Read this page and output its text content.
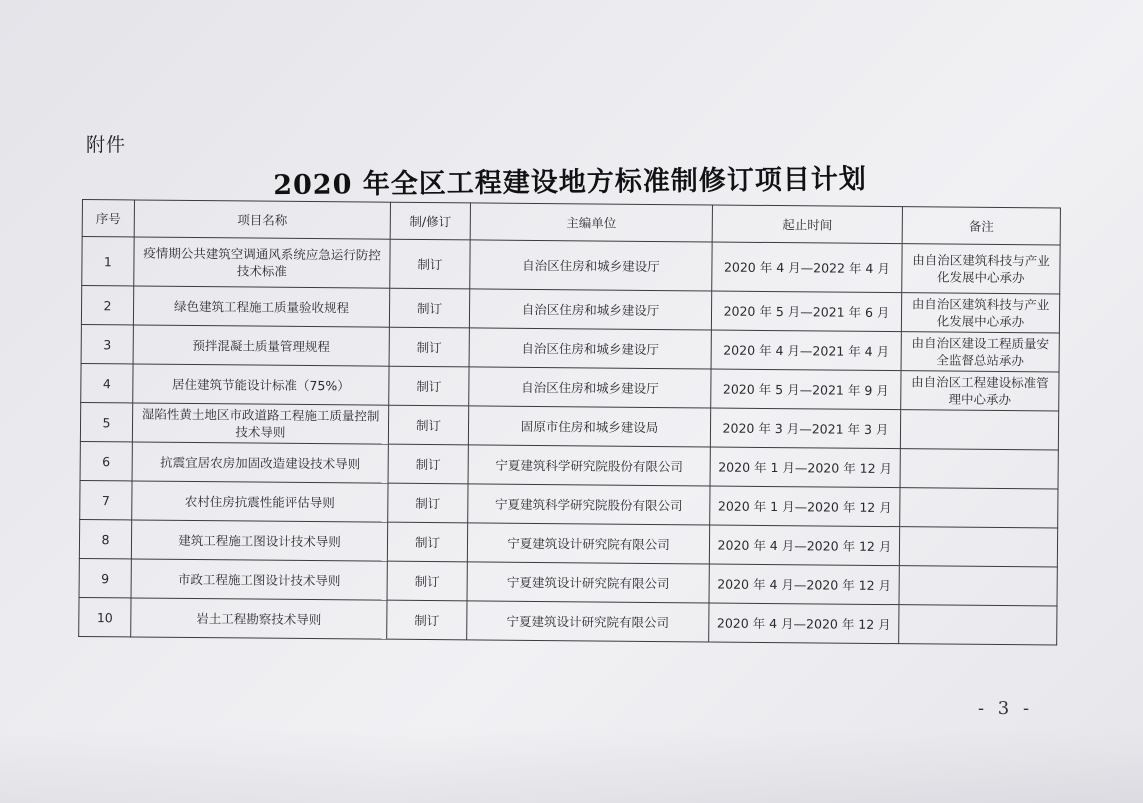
附件
2020 年全区工程建设地方标准制修订项目计划
序号	项目名称	制/修订	主编单位	起止时间	备注
1	疫情期公共建筑空调通风系统应急运行防控技术标准	制订	自治区住房和城乡建设厅	2020 年 4 月—2022 年 4 月	由自治区建筑科技与产业化发展中心承办
2	绿色建筑工程施工质量验收规程	制订	自治区住房和城乡建设厅	2020 年 5 月—2021 年 6 月	由自治区建筑科技与产业化发展中心承办
3	预拌混凝土质量管理规程	制订	自治区住房和城乡建设厅	2020 年 4 月—2021 年 4 月	由自治区建设工程质量安全监督总站承办
4	居住建筑节能设计标准（75%）	制订	自治区住房和城乡建设厅	2020 年 5 月—2021 年 9 月	由自治区工程建设标准管理中心承办
5	湿陷性黄土地区市政道路工程施工质量控制技术导则	制订	固原市住房和城乡建设局	2020 年 3 月—2021 年 3 月	
6	抗震宜居农房加固改造建设技术导则	制订	宁夏建筑科学研究院股份有限公司	2020 年 1 月—2020 年 12 月	
7	农村住房抗震性能评估导则	制订	宁夏建筑科学研究院股份有限公司	2020 年 1 月—2020 年 12 月	
8	建筑工程施工图设计技术导则	制订	宁夏建筑设计研究院有限公司	2020 年 4 月—2020 年 12 月	
9	市政工程施工图设计技术导则	制订	宁夏建筑设计研究院有限公司	2020 年 4 月—2020 年 12 月	
10	岩土工程勘察技术导则	制订	宁夏建筑设计研究院有限公司	2020 年 4 月—2020 年 12 月	
- 3 -
